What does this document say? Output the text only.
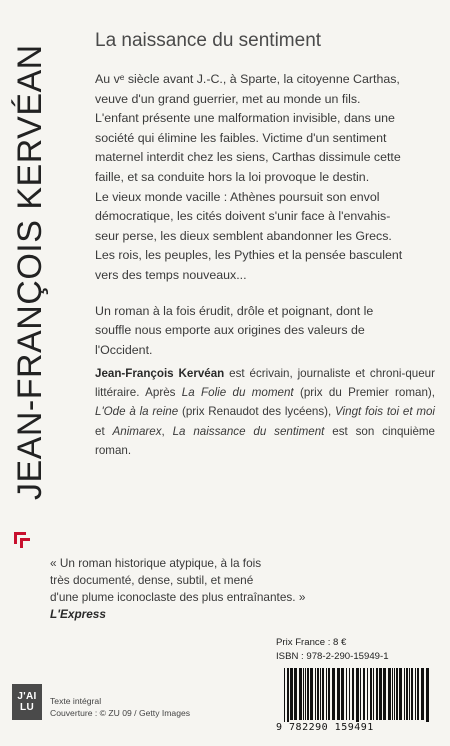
JEAN-FRANÇOIS KERVÉAN
La naissance du sentiment
Au vᵉ siècle avant J.-C., à Sparte, la citoyenne Carthas,
veuve d'un grand guerrier, met au monde un fils.
L'enfant présente une malformation invisible, dans une
société qui élimine les faibles. Victime d'un sentiment
maternel interdit chez les siens, Carthas dissimule cette
faille, et sa conduite hors la loi provoque le destin.
Le vieux monde vacille : Athènes poursuit son envol
démocratique, les cités doivent s'unir face à l'envahis-
seur perse, les dieux semblent abandonner les Grecs.
Les rois, les peuples, les Pythies et la pensée basculent
vers des temps nouveaux...
Un roman à la fois érudit, drôle et poignant, dont le
souffle nous emporte aux origines des valeurs de
l'Occident.
Jean-François Kervéan est écrivain, journaliste et chroni-queur littéraire. Après La Folie du moment (prix du Premier roman), L'Ode à la reine (prix Renaudot des lycéens), Vingt fois toi et moi et Animarex, La naissance du sentiment est son cinquième roman.
« Un roman historique atypique, à la fois
très documenté, dense, subtil, et mené
d'une plume iconoclaste des plus entraînantes. »
L'Express
Prix France : 8 €
ISBN : 978-2-290-15949-1
9 782290 159491
J'AI
LU
Texte intégral
Couverture : © ZU 09 / Getty Images
